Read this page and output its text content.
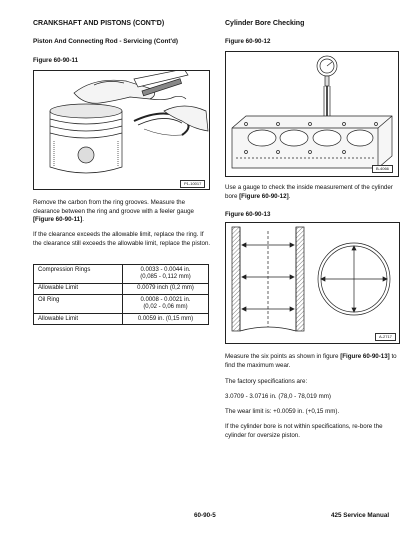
CRANKSHAFT AND PISTONS (CONT'D)
Piston And Connecting Rod - Servicing (Cont'd)
Figure 60-90-11
P1-10017
Remove the carbon from the ring grooves. Measure the clearance between the ring and groove with a feeler gauge [Figure 60-90-11].
If the clearance exceeds the allowable limit, replace the ring. If the clearance still exceeds the allowable limit, replace the piston.
Compression Rings	0.0033 - 0.0044 in.
(0,085 - 0,112 mm)
Allowable Limit	0.0079 inch (0,2 mm)
Oil Ring	0.0008 - 0.0021 in.
(0,02 - 0,06 mm)
Allowable Limit	0.0059 in. (0,15 mm)
Cylinder Bore Checking
Figure 60-90-12
B-4066
Use a gauge to check the inside measurement of the cylinder bore [Figure 60-90-12].
Figure 60-90-13
A-2717
Measure the six points as shown in figure [Figure 60-90-13] to find the maximum wear.
The factory specifications are:
3.0709 - 3.0716 in. (78,0 - 78,019 mm)
The wear limit is: +0.0059 in. (+0,15 mm).
If the cylinder bore is not within specifications, re-bore the cylinder for oversize piston.
60-90-5	425 Service Manual
